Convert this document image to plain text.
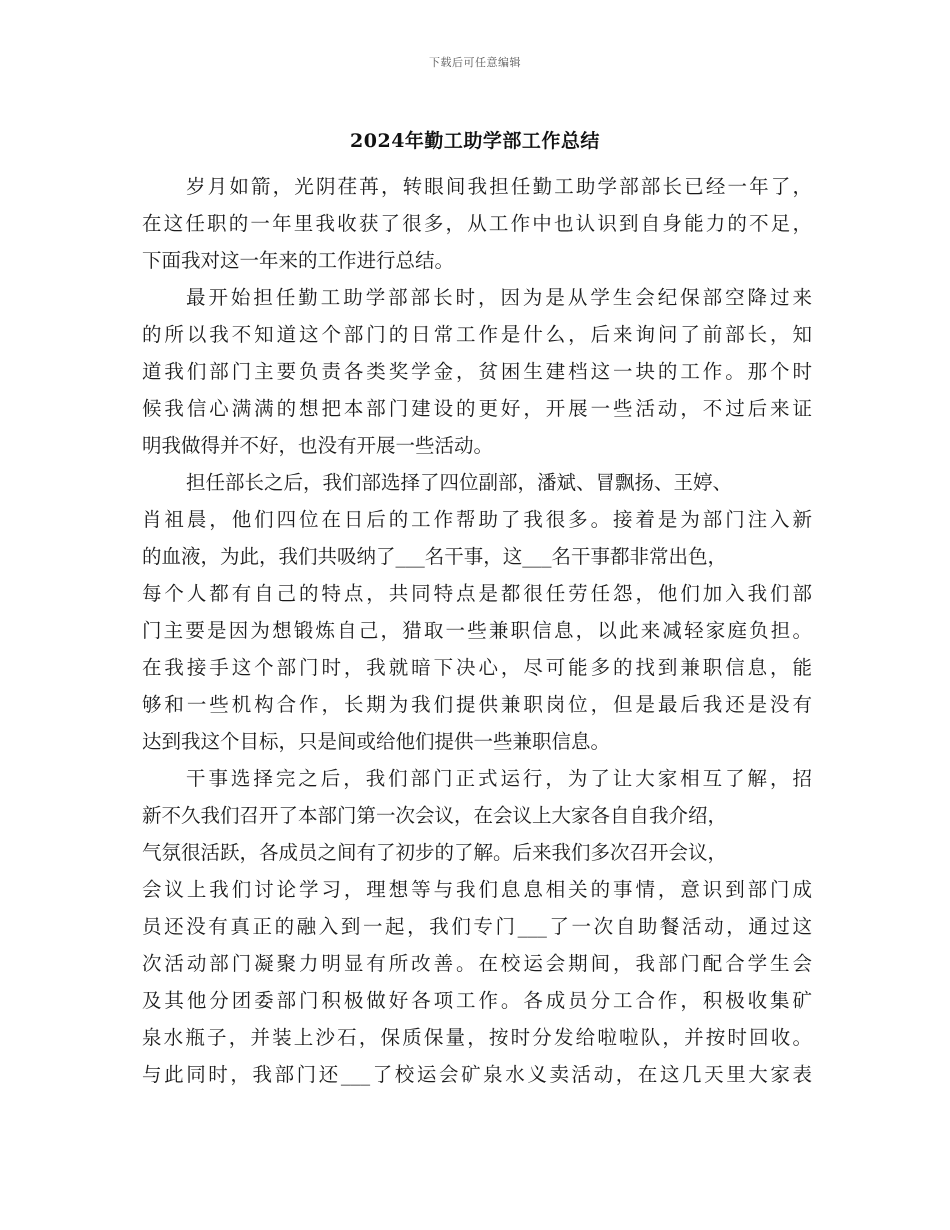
下载后可任意编辑
2024年勤工助学部工作总结
岁月如箭，光阴荏苒，转眼间我担任勤工助学部部长已经一年了，
在这任职的一年里我收获了很多，从工作中也认识到自身能力的不足，
下面我对这一年来的工作进行总结。
最开始担任勤工助学部部长时，因为是从学生会纪保部空降过来
的所以我不知道这个部门的日常工作是什么，后来询问了前部长，知
道我们部门主要负责各类奖学金，贫困生建档这一块的工作。那个时
候我信心满满的想把本部门建设的更好，开展一些活动，不过后来证
明我做得并不好，也没有开展一些活动。
担任部长之后，我们部选择了四位副部，潘斌、冒飘扬、王婷、
肖祖晨，他们四位在日后的工作帮助了我很多。接着是为部门注入新
的血液，为此，我们共吸纳了___名干事，这___名干事都非常出色，
每个人都有自己的特点，共同特点是都很任劳任怨，他们加入我们部
门主要是因为想锻炼自己，猎取一些兼职信息，以此来减轻家庭负担。
在我接手这个部门时，我就暗下决心，尽可能多的找到兼职信息，能
够和一些机构合作，长期为我们提供兼职岗位，但是最后我还是没有
达到我这个目标，只是间或给他们提供一些兼职信息。
干事选择完之后，我们部门正式运行，为了让大家相互了解，招
新不久我们召开了本部门第一次会议，在会议上大家各自自我介绍，
气氛很活跃，各成员之间有了初步的了解。后来我们多次召开会议，
会议上我们讨论学习，理想等与我们息息相关的事情，意识到部门成
员还没有真正的融入到一起，我们专门___了一次自助餐活动，通过这
次活动部门凝聚力明显有所改善。在校运会期间，我部门配合学生会
及其他分团委部门积极做好各项工作。各成员分工合作，积极收集矿
泉水瓶子，并装上沙石，保质保量，按时分发给啦啦队，并按时回收。
与此同时，我部门还___了校运会矿泉水义卖活动，在这几天里大家表
